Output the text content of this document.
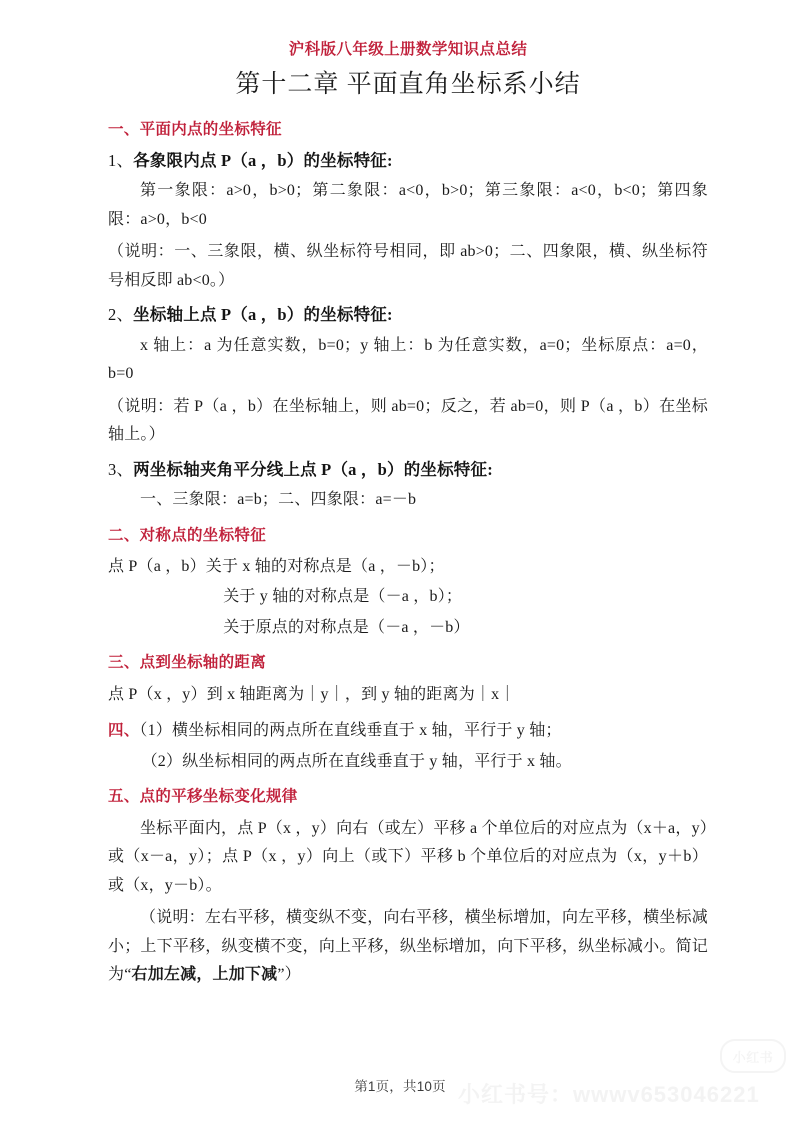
沪科版八年级上册数学知识点总结
第十二章 平面直角坐标系小结
一、平面内点的坐标特征
1、各象限内点 P（a ，b）的坐标特征:

第一象限：a>0，b>0；第二象限：a<0，b>0；第三象限：a<0，b<0；第四象限：a>0，b<0

（说明：一、三象限，横、纵坐标符号相同，即 ab>0；二、四象限，横、纵坐标符号相反即 ab<0。）

2、坐标轴上点 P（a ，b）的坐标特征:

x 轴上：a 为任意实数，b=0；y 轴上：b 为任意实数，a=0；坐标原点：a=0，b=0

（说明：若 P（a ，b）在坐标轴上，则 ab=0；反之，若 ab=0，则 P（a ，b）在坐标轴上。）

3、两坐标轴夹角平分线上点 P（a ，b）的坐标特征:

一、三象限：a=b；二、四象限：a=－b

二、对称点的坐标特征

点 P（a ，b）关于 x 轴的对称点是（a ，－b）；

关于 y 轴的对称点是（－a ，b）；

关于原点的对称点是（－a ，－b）

三、点到坐标轴的距离

点 P（x ，y）到 x 轴距离为｜y｜，到 y 轴的距离为｜x｜

四、（1）横坐标相同的两点所在直线垂直于 x 轴，平行于 y 轴；

（2）纵坐标相同的两点所在直线垂直于 y 轴，平行于 x 轴。

五、点的平移坐标变化规律

坐标平面内，点 P（x ，y）向右（或左）平移 a 个单位后的对应点为（x＋a，y）或（x－a，y）；点 P（x ，y）向上（或下）平移 b 个单位后的对应点为（x，y＋b）或（x，y－b）。

（说明：左右平移，横变纵不变，向右平移，横坐标增加，向左平移，横坐标减小；上下平移，纵变横不变，向上平移，纵坐标增加，向下平移，纵坐标减小。简记为“右加左减，上加下减”）

小红书
小红书号：wwwv653046221
第1页，共10页
